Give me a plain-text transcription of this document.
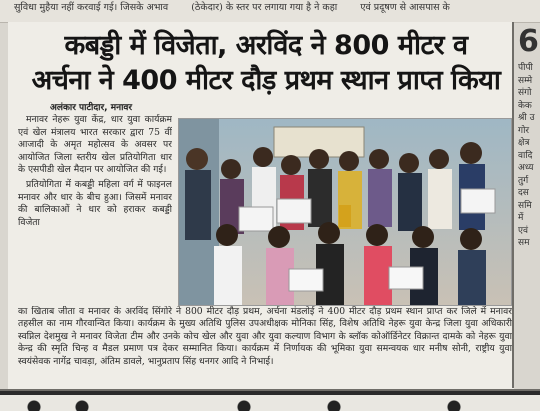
सुविधा मुहैया नहीं करवाई गई। जिसके अभाव (ठेकेदार) के स्तर पर लगाया गया है ने कहा एवं प्रदूषण से आसपास के
कबड्डी में विजेता, अरविंद ने 800 मीटर व
अर्चना ने 400 मीटर दौड़ प्रथम स्थान प्राप्त किया
अलंकार पाटीदार, मनावर

मनावर नेहरू युवा केंद्र, धार युवा कार्यक्रम एवं खेल मंत्रालय भारत सरकार द्वारा 75 वीं आजादी के अमृत महोत्सव के अवसर पर आयोजित जिला स्तरीय खेल प्रतियोगिता धार के एसपीडी खेल मैदान पर आयोजित की गई।

प्रतियोगिता में कबड्डी महिला वर्ग में फाइनल मनावर और धार के बीच हुआ। जिसमें मनावर की बालिकाओं ने धार को हराकर कबड्डी विजेता

का खिताब जीता व मनावर के अरविंद सिंगोरे ने 800 मीटर दौड़ प्रथम, अर्चना मंडलोई ने 400 मीटर दौड़ प्रथम स्थान प्राप्त कर जिले में मनावर तहसील का नाम गौरवान्वित किया। कार्यक्रम के मुख्य अतिथि पुलिस उपअधीक्षक मोनिका सिंह, विशेष अतिथि नेहरू युवा केन्द्र जिला युवा अधिकारी स्वप्निल देशमुख ने मनावर विजेता टीम और उनके कोच खेल और युवा और युवा कल्याण विभाग के ब्लॉक कोऑर्डिनेटर विक्रान्त दामके को नेहरू युवा केन्द्र की स्मृति चिन्ह व मैडल प्रमाण पत्र देकर सम्मानित किया। कार्यक्रम में निर्णायक की भूमिका युवा समन्वयक धार मनीष सोनी, राष्ट्रीय युवा स्वयंसेवक नागेंद्र चावड़ा, अंतिम डावले, भानुप्रताप सिंह धनगर आदि ने निभाई।
6
पीपी
सम्मे
संगो
केक
श्री उ
गोर
क्षेत्र
वादि
अध्य
तुर्ग
दस
समि
में
एवं
सम
